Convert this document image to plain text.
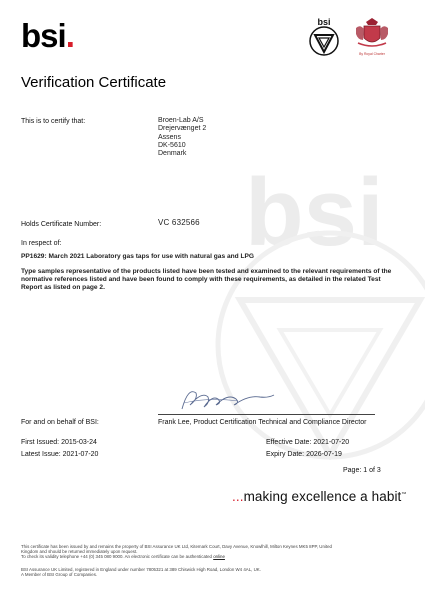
bsi
bsi.	bsi
By Royal Charter
Verification Certificate
This is to certify that:	Broen-Lab A/S
Drejervænget 2
Assens
DK-5610
Denmark
Holds Certificate Number:	VC 632566
In respect of:
PP1629: March 2021 Laboratory gas taps for use with natural gas and LPG
Type samples representative of the products listed have been tested and examined to the relevant requirements of the normative references listed and have been found to comply with these requirements, as detailed in the related Test Report as listed on page 2.
For and on behalf of BSI:	Frank Lee, Product Certification Technical and Compliance Director
First Issued: 2015-03-24
Latest Issue: 2021-07-20
Effective Date: 2021-07-20
Expiry Date: 2026-07-19
Page: 1 of 3
...making excellence a habit™
This certificate has been issued by and remains the property of BSI Assurance UK Ltd, Kitemark Court, Davy Avenue, Knowlhill, Milton Keynes MK5 8PP, United
Kingdom and should be returned immediately upon request.
To check its validity telephone +44 (0) 345 080 9000. An electronic certificate can be authenticated online
BSI Assurance UK Limited, registered in England under number 7805321 at 389 Chiswick High Road, London W4 4AL, UK.
A Member of BSI Group of Companies.
